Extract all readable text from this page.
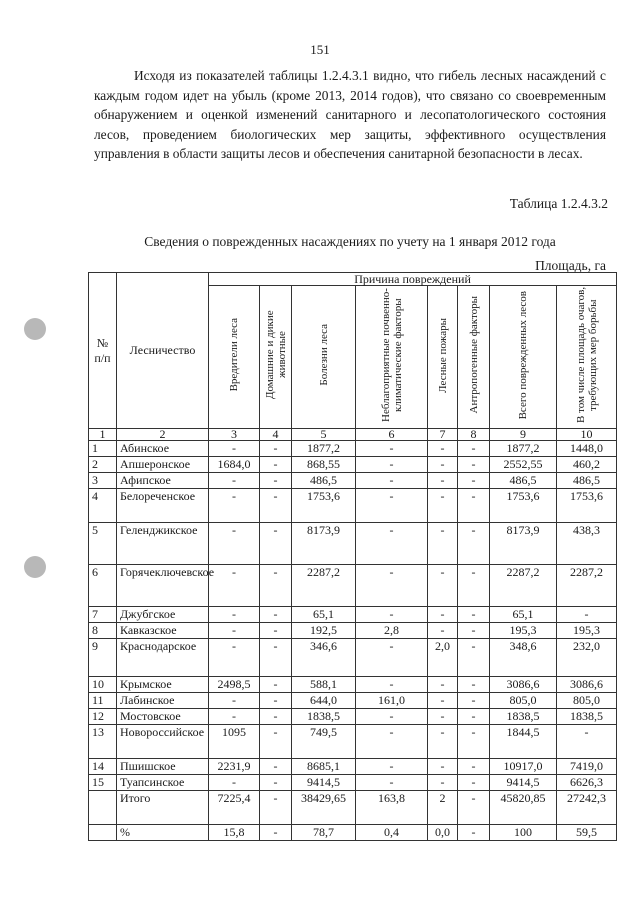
151
Исходя из показателей таблицы 1.2.4.3.1 видно, что гибель лесных насаждений с каждым годом идет на убыль (кроме 2013, 2014 годов), что связано со своевременным обнаружением и оценкой изменений санитарного и лесопатологического состояния лесов, проведением биологических мер защиты, эффективного осуществления управления в области защиты лесов и обеспечения санитарной безопасности в лесах.
Таблица 1.2.4.3.2
Сведения о поврежденных насаждениях по учету на 1 января 2012 года
Площадь, га
№ п/п	Лесничество	Причина повреждений							
		Вредители леса	Домашние и дикие животные	Болезни леса	Неблагоприятные почвенно-климатические факторы	Лесные пожары	Антропогенные факторы	Всего поврежденных лесов	В том числе площадь очагов, требующих мер борьбы
1	2	3	4	5	6	7	8	9	10
1	Абинское	-	-	1877,2	-	-	-	1877,2	1448,0
2	Апшеронское	1684,0	-	868,55	-	-	-	2552,55	460,2
3	Афипское	-	-	486,5	-	-	-	486,5	486,5
4	Белореченское	-	-	1753,6	-	-	-	1753,6	1753,6
5	Геленджикское	-	-	8173,9	-	-	-	8173,9	438,3
6	Горячеключевское	-	-	2287,2	-	-	-	2287,2	2287,2
7	Джубгское	-	-	65,1	-	-	-	65,1	-
8	Кавказское	-	-	192,5	2,8	-	-	195,3	195,3
9	Краснодарское	-	-	346,6	-	2,0	-	348,6	232,0
10	Крымское	2498,5	-	588,1	-	-	-	3086,6	3086,6
11	Лабинское	-	-	644,0	161,0	-	-	805,0	805,0
12	Мостовское	-	-	1838,5	-	-	-	1838,5	1838,5
13	Новороссийское	1095	-	749,5	-	-	-	1844,5	-
14	Пшишское	2231,9	-	8685,1	-	-	-	10917,0	7419,0
15	Туапсинское	-	-	9414,5	-	-	-	9414,5	6626,3
	Итого	7225,4	-	38429,65	163,8	2	-	45820,85	27242,3
	%	15,8	-	78,7	0,4	0,0	-	100	59,5
